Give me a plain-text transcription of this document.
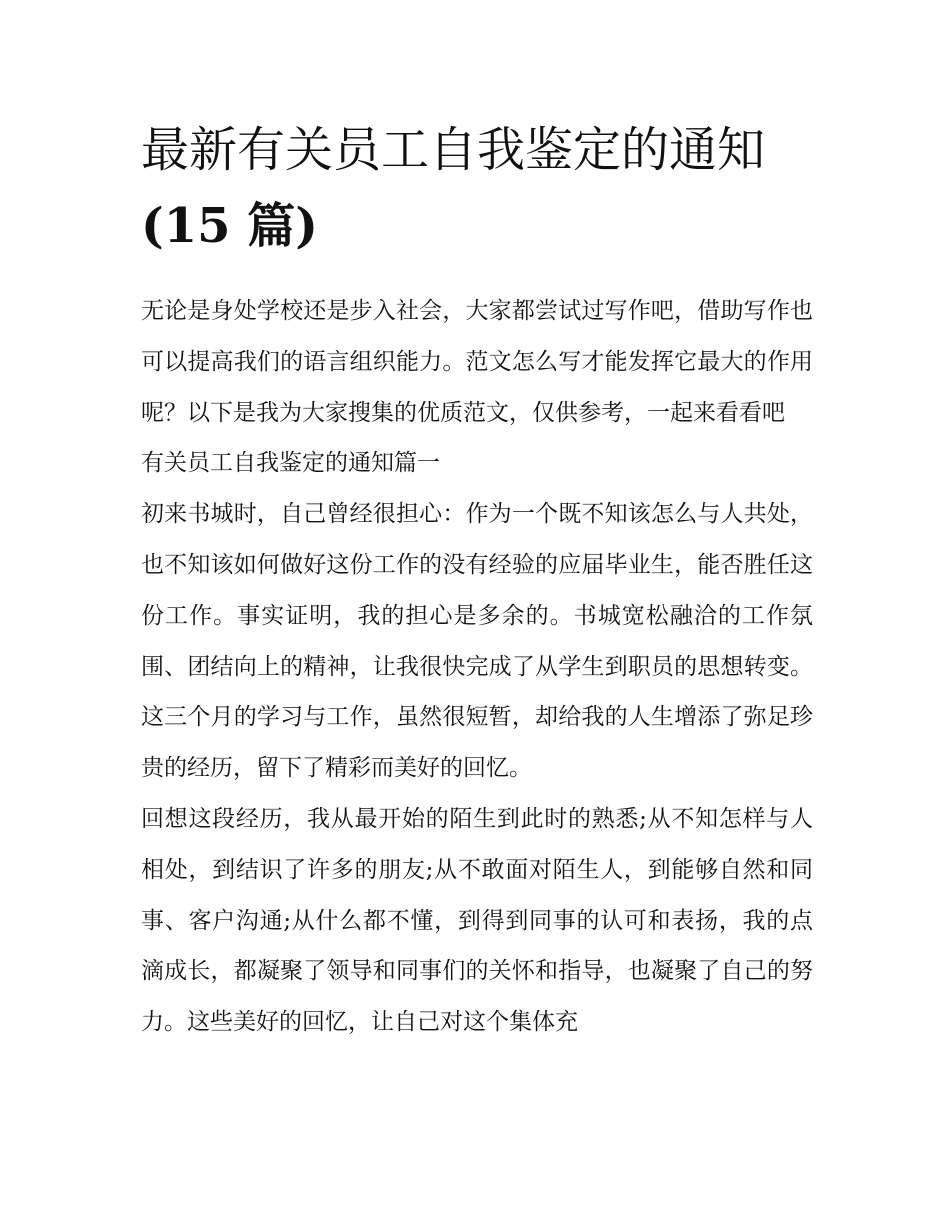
最新有关员工自我鉴定的通知
(15 篇)

无论是身处学校还是步入社会，大家都尝试过写作吧，借助写作也可以提高我们的语言组织能力。范文怎么写才能发挥它最大的作用呢？以下是我为大家搜集的优质范文，仅供参考，一起来看看吧

有关员工自我鉴定的通知篇一

初来书城时，自己曾经很担心：作为一个既不知该怎么与人共处，也不知该如何做好这份工作的没有经验的应届毕业生，能否胜任这份工作。事实证明，我的担心是多余的。书城宽松融洽的工作氛围、团结向上的精神，让我很快完成了从学生到职员的思想转变。这三个月的学习与工作，虽然很短暂，却给我的人生增添了弥足珍贵的经历，留下了精彩而美好的回忆。

回想这段经历，我从最开始的陌生到此时的熟悉;从不知怎样与人相处，到结识了许多的朋友;从不敢面对陌生人，到能够自然和同事、客户沟通;从什么都不懂，到得到同事的认可和表扬，我的点滴成长，都凝聚了领导和同事们的关怀和指导，也凝聚了自己的努力。这些美好的回忆，让自己对这个集体充
